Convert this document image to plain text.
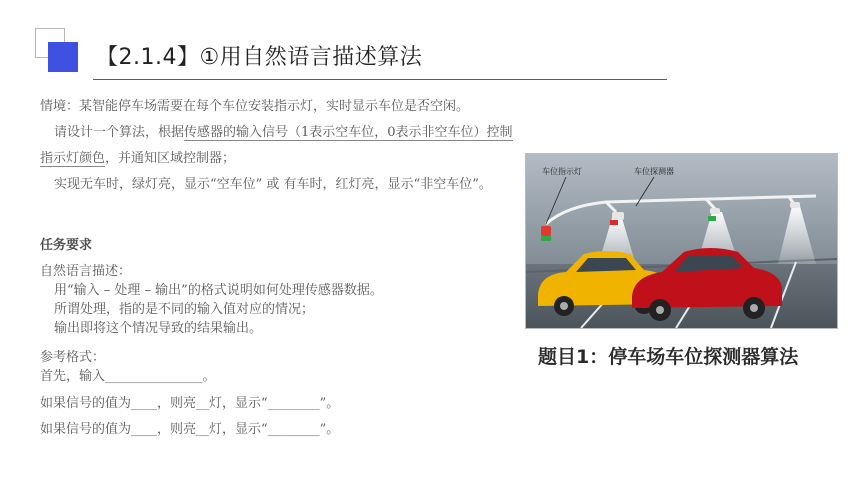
【2.1.4】①用自然语言描述算法
情境：某智能停车场需要在每个车位安装指示灯，实时显示车位是否空闲。
请设计一个算法，根据传感器的输入信号（1表示空车位，0表示非空车位）控制指示灯颜色，并通知区域控制器；
实现无车时，绿灯亮，显示“空车位” 或 有车时，红灯亮，显示“非空车位”。
任务要求
自然语言描述：
用“输入 – 处理 – 输出”的格式说明如何处理传感器数据。
所谓处理，指的是不同的输入值对应的情况；
输出即将这个情况导致的结果输出。
参考格式：
首先，输入_______________。
如果信号的值为____，则亮__灯，显示“________”。
如果信号的值为____，则亮__灯，显示“________”。
车位指示灯	车位探测器
题目1：停车场车位探测器算法
